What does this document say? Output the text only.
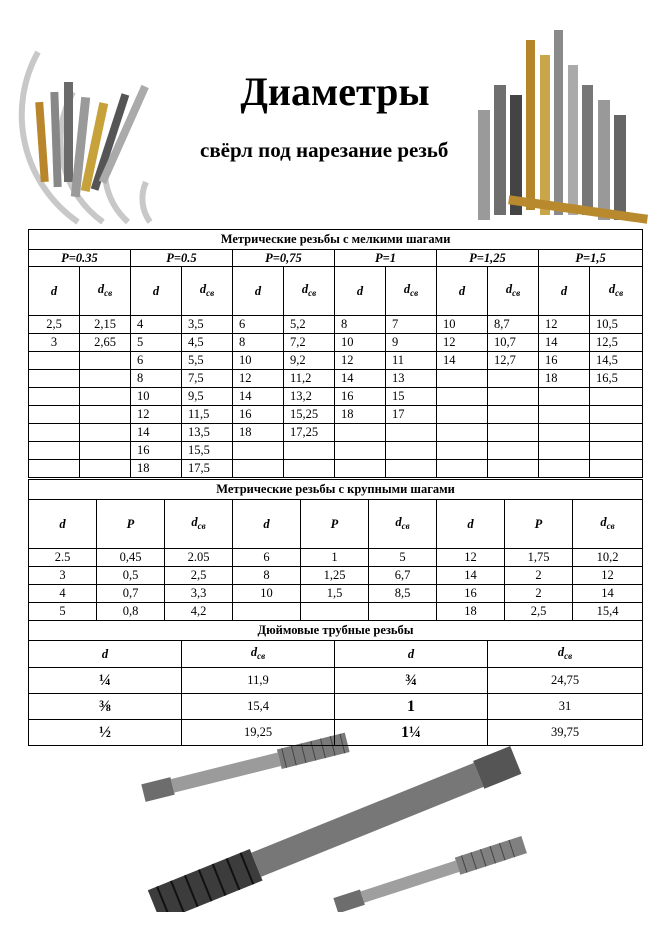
Диаметры
свёрл под нарезание резьб
Метрические резьбы с мелкими шагами											
P=0.35		P=0.5		P=0,75		P=1		P=1,25		P=1,5	
d	$d_{св}$	d	$d_{св}$	d	$d_{св}$	d	$d_{св}$	d	$d_{св}$	d	$d_{св}$
2,5	2,15	4	3,5	6	5,2	8	7	10	8,7	12	10,5
3	2,65	5	4,5	8	7,2	10	9	12	10,7	14	12,5
		6	5,5	10	9,2	12	11	14	12,7	16	14,5
		8	7,5	12	11,2	14	13			18	16,5
		10	9,5	14	13,2	16	15				
		12	11,5	16	15,25	18	17				
		14	13,5	18	17,25						
		16	15,5								
		18	17,5								
Метрические резьбы с крупными шагами								
d	P	$d_{св}$	d	P	$d_{св}$	d	P	$d_{св}$
2.5	0,45	2.05	6	1	5	12	1,75	10,2
3	0,5	2,5	8	1,25	6,7	14	2	12
4	0,7	3,3	10	1,5	8,5	16	2	14
5	0,8	4,2				18	2,5	15,4
Дюймовые трубные резьбы			
d	$d_{св}$	d	$d_{св}$
¼	11,9	¾	24,75
⅜	15,4	1	31
½	19,25	1¼	39,75
